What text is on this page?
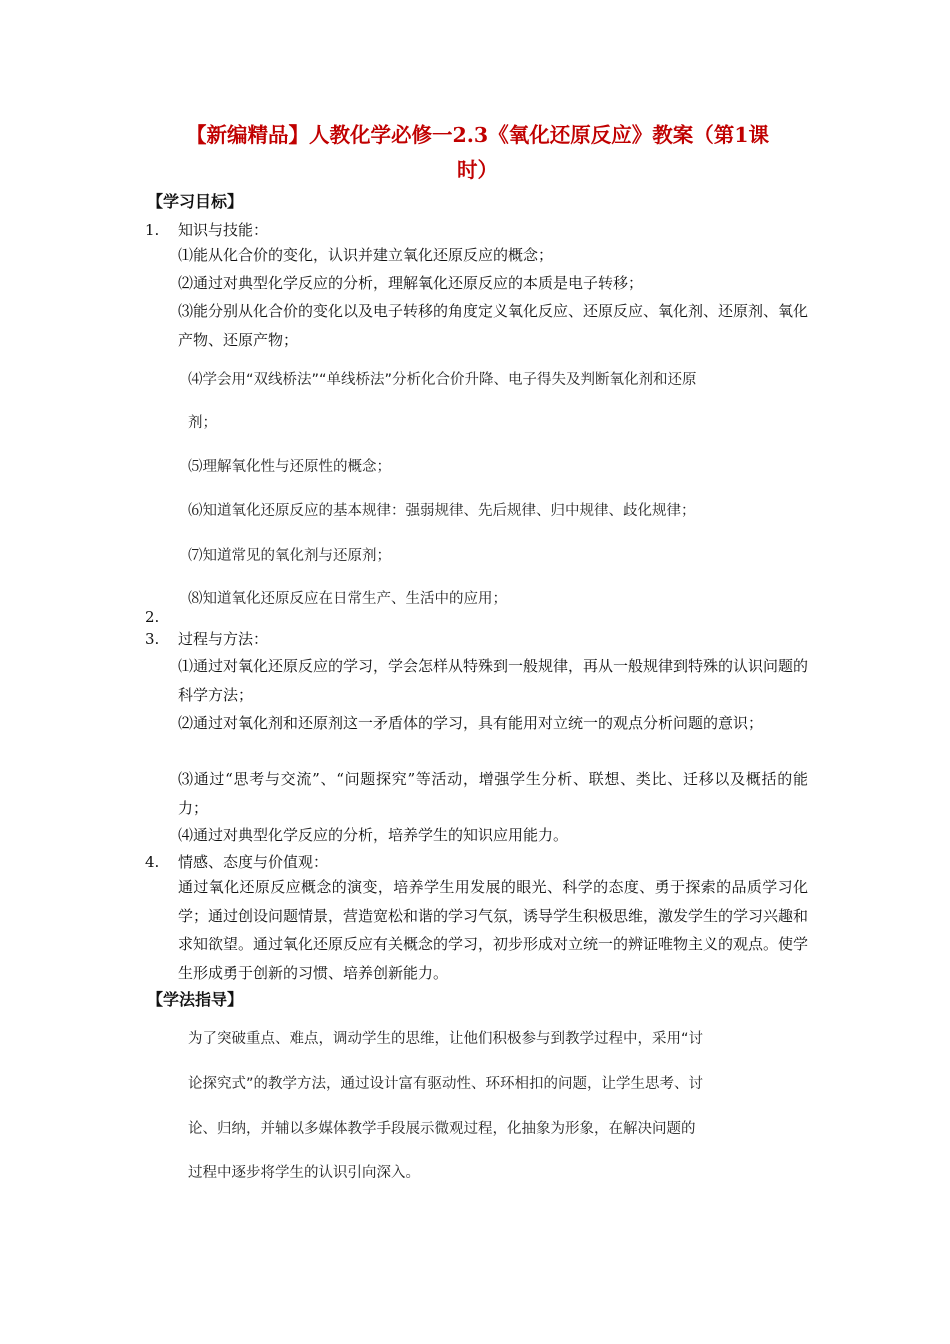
【新编精品】人教化学必修一2.3《氧化还原反应》教案（第1课
时）
【学习目标】
1. 知识与技能：
⑴能从化合价的变化，认识并建立氧化还原反应的概念；
⑵通过对典型化学反应的分析，理解氧化还原反应的本质是电子转移；
⑶能分别从化合价的变化以及电子转移的角度定义氧化反应、还原反应、氧化剂、还原剂、氧化产物、还原产物；
⑷学会用“双线桥法”“单线桥法”分析化合价升降、电子得失及判断氧化剂和还原
剂；
⑸理解氧化性与还原性的概念；
⑹知道氧化还原反应的基本规律：强弱规律、先后规律、归中规律、歧化规律；
⑺知道常见的氧化剂与还原剂；
⑻知道氧化还原反应在日常生产、生活中的应用；
2.
3. 过程与方法：
⑴通过对氧化还原反应的学习，学会怎样从特殊到一般规律，再从一般规律到特殊的认识问题的科学方法；
⑵通过对氧化剂和还原剂这一矛盾体的学习，具有能用对立统一的观点分析问题的意识；
⑶通过“思考与交流”、“问题探究”等活动，增强学生分析、联想、类比、迁移以及概括的能力；
⑷通过对典型化学反应的分析，培养学生的知识应用能力。
4. 情感、态度与价值观：
通过氧化还原反应概念的演变，培养学生用发展的眼光、科学的态度、勇于探索的品质学习化学；通过创设问题情景，营造宽松和谐的学习气氛，诱导学生积极思维，激发学生的学习兴趣和求知欲望。通过氧化还原反应有关概念的学习，初步形成对立统一的辨证唯物主义的观点。使学生形成勇于创新的习惯、培养创新能力。
【学法指导】
为了突破重点、难点，调动学生的思维，让他们积极参与到教学过程中，采用“讨
论探究式”的教学方法，通过设计富有驱动性、环环相扣的问题，让学生思考、讨
论、归纳，并辅以多媒体教学手段展示微观过程，化抽象为形象，在解决问题的
过程中逐步将学生的认识引向深入。
